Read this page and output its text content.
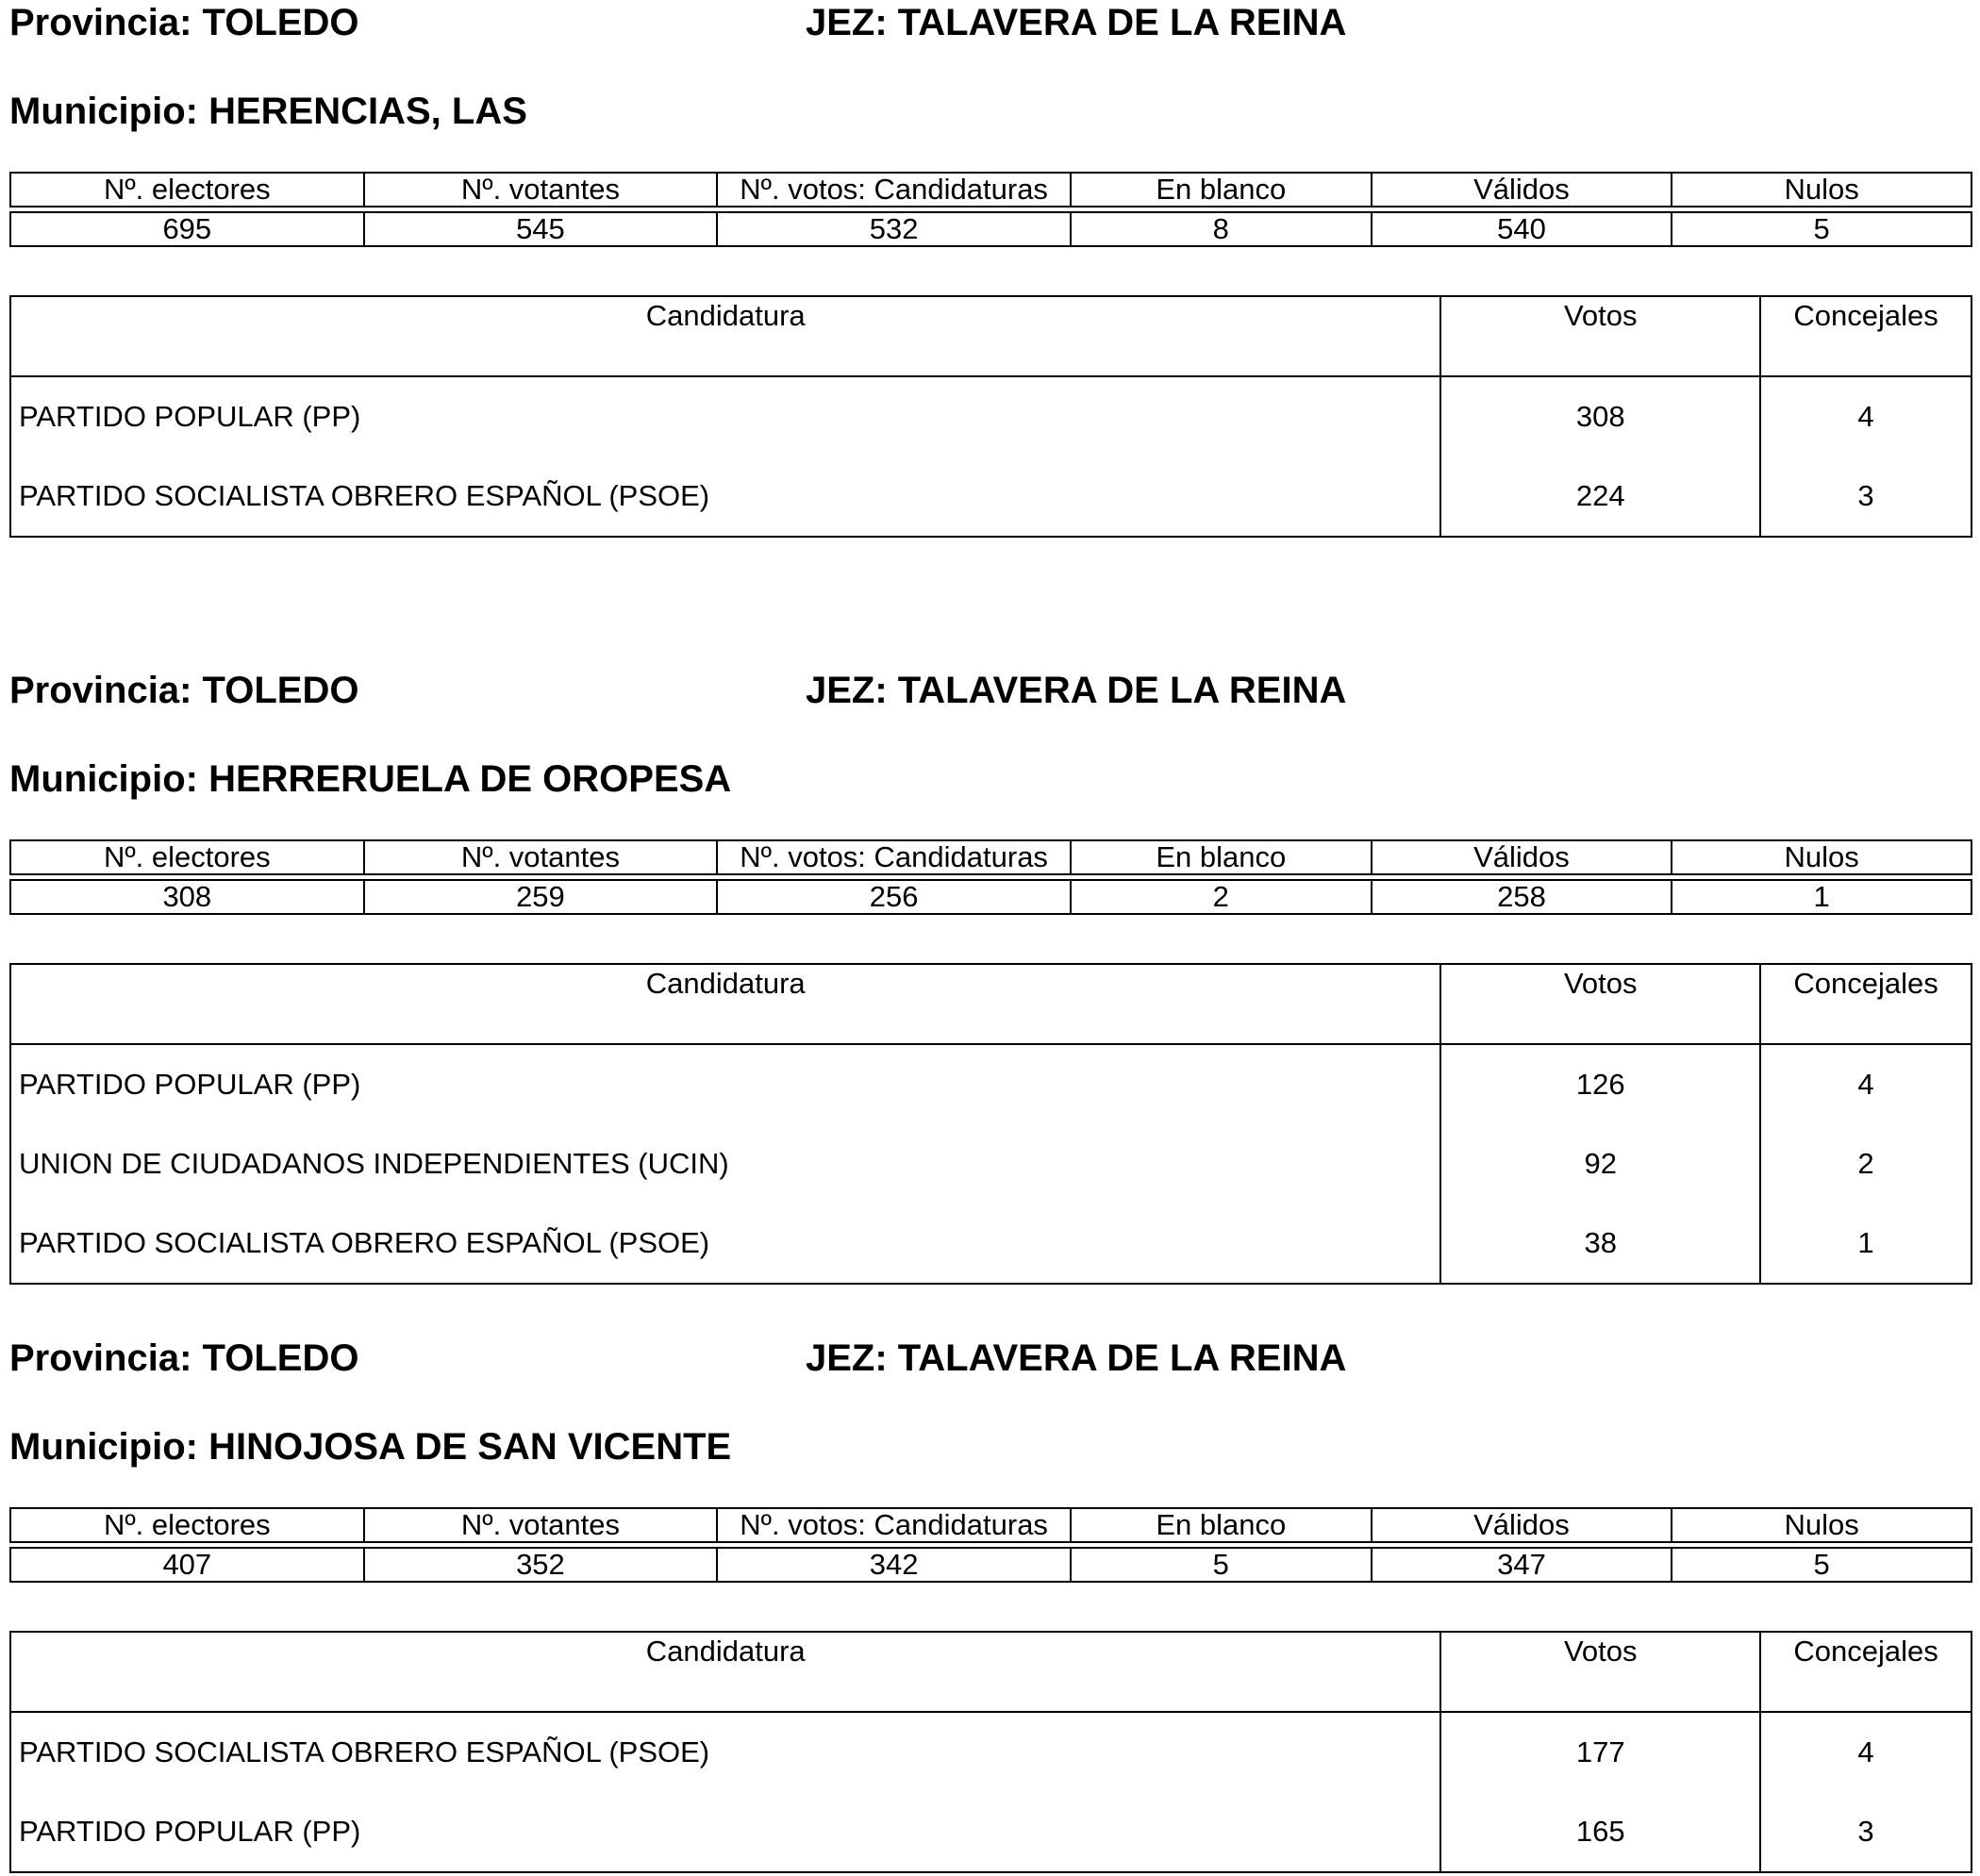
Provincia: TOLEDO	JEZ: TALAVERA DE LA REINA
Municipio: HERENCIAS, LAS
Nº. electores	Nº. votantes	Nº. votos: Candidaturas	En blanco	Válidos	Nulos

695	545	532	8	540	5
Candidatura	Votos	Concejales
PARTIDO POPULAR (PP)	308	4
PARTIDO SOCIALISTA OBRERO ESPAÑOL (PSOE)	224	3
Provincia: TOLEDO	JEZ: TALAVERA DE LA REINA
Municipio: HERRERUELA DE OROPESA
Nº. electores	Nº. votantes	Nº. votos: Candidaturas	En blanco	Válidos	Nulos

308	259	256	2	258	1
Candidatura	Votos	Concejales
PARTIDO POPULAR (PP)	126	4
UNION DE CIUDADANOS INDEPENDIENTES (UCIN)	92	2
PARTIDO SOCIALISTA OBRERO ESPAÑOL (PSOE)	38	1
Provincia: TOLEDO	JEZ: TALAVERA DE LA REINA
Municipio: HINOJOSA DE SAN VICENTE
Nº. electores	Nº. votantes	Nº. votos: Candidaturas	En blanco	Válidos	Nulos

407	352	342	5	347	5
Candidatura	Votos	Concejales
PARTIDO SOCIALISTA OBRERO ESPAÑOL (PSOE)	177	4
PARTIDO POPULAR (PP)	165	3
